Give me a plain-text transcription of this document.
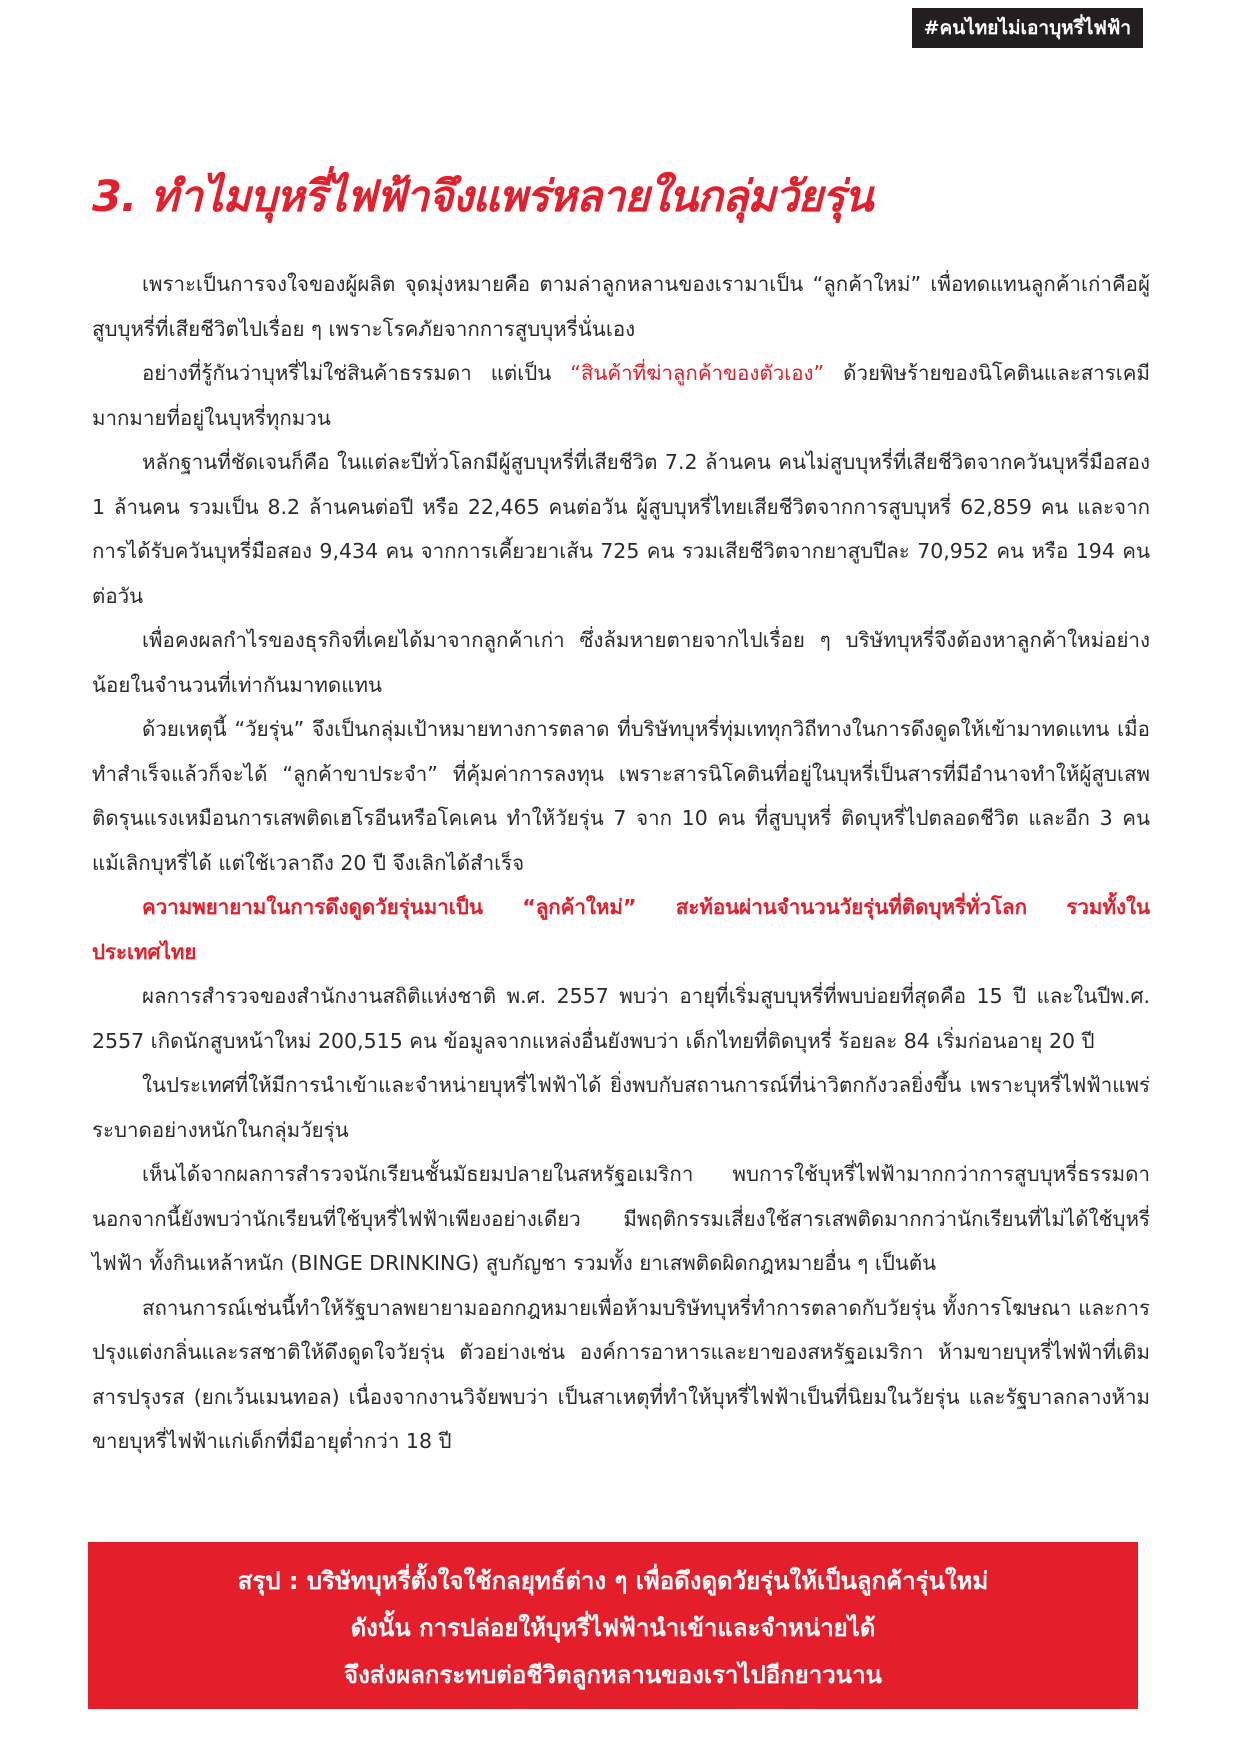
#คนไทยไม่เอาบุหรี่ไฟฟ้า
3. ทำไมบุหรี่ไฟฟ้าจึงแพร่หลายในกลุ่มวัยรุ่น

เพราะเป็นการจงใจของผู้ผลิต จุดมุ่งหมายคือ ตามล่าลูกหลานของเรามาเป็น “ลูกค้าใหม่” เพื่อทดแทนลูกค้าเก่าคือผู้สูบบุหรี่ที่เสียชีวิตไปเรื่อย ๆ เพราะโรคภัยจากการสูบบุหรี่นั่นเอง

อย่างที่รู้กันว่าบุหรี่ไม่ใช่สินค้าธรรมดา แต่เป็น “สินค้าที่ฆ่าลูกค้าของตัวเอง” ด้วยพิษร้ายของนิโคตินและสารเคมีมากมายที่อยู่ในบุหรี่ทุกมวน

หลักฐานที่ชัดเจนก็คือ ในแต่ละปีทั่วโลกมีผู้สูบบุหรี่ที่เสียชีวิต 7.2 ล้านคน คนไม่สูบบุหรี่ที่เสียชีวิตจากควันบุหรี่มือสอง 1 ล้านคน รวมเป็น 8.2 ล้านคนต่อปี หรือ 22,465 คนต่อวัน ผู้สูบบุหรี่ไทยเสียชีวิตจากการสูบบุหรี่ 62,859 คน และจากการได้รับควันบุหรี่มือสอง 9,434 คน จากการเคี้ยวยาเส้น 725 คน รวมเสียชีวิตจากยาสูบปีละ 70,952 คน หรือ 194 คนต่อวัน

เพื่อคงผลกำไรของธุรกิจที่เคยได้มาจากลูกค้าเก่า ซึ่งล้มหายตายจากไปเรื่อย ๆ บริษัทบุหรี่จึงต้องหาลูกค้าใหม่อย่างน้อยในจำนวนที่เท่ากันมาทดแทน

ด้วยเหตุนี้ “วัยรุ่น” จึงเป็นกลุ่มเป้าหมายทางการตลาด ที่บริษัทบุหรี่ทุ่มเททุกวิถีทางในการดึงดูดให้เข้ามาทดแทน เมื่อทำสำเร็จแล้วก็จะได้ “ลูกค้าขาประจำ” ที่คุ้มค่าการลงทุน เพราะสารนิโคตินที่อยู่ในบุหรี่เป็นสารที่มีอำนาจทำให้ผู้สูบเสพติดรุนแรงเหมือนการเสพติดเฮโรอีนหรือโคเคน ทำให้วัยรุ่น 7 จาก 10 คน ที่สูบบุหรี่ ติดบุหรี่ไปตลอดชีวิต และอีก 3 คน แม้เลิกบุหรี่ได้ แต่ใช้เวลาถึง 20 ปี จึงเลิกได้สำเร็จ

ความพยายามในการดึงดูดวัยรุ่นมาเป็น “ลูกค้าใหม่” สะท้อนผ่านจำนวนวัยรุ่นที่ติดบุหรี่ทั่วโลก รวมทั้งในประเทศไทย

ผลการสำรวจของสำนักงานสถิติแห่งชาติ พ.ศ. 2557 พบว่า อายุที่เริ่มสูบบุหรี่ที่พบบ่อยที่สุดคือ 15 ปี และในปีพ.ศ. 2557 เกิดนักสูบหน้าใหม่ 200,515 คน ข้อมูลจากแหล่งอื่นยังพบว่า เด็กไทยที่ติดบุหรี่ ร้อยละ 84 เริ่มก่อนอายุ 20 ปี

ในประเทศที่ให้มีการนำเข้าและจำหน่ายบุหรี่ไฟฟ้าได้ ยิ่งพบกับสถานการณ์ที่น่าวิตกกังวลยิ่งขึ้น เพราะบุหรี่ไฟฟ้าแพร่ระบาดอย่างหนักในกลุ่มวัยรุ่น

เห็นได้จากผลการสำรวจนักเรียนชั้นมัธยมปลายในสหรัฐอเมริกา พบการใช้บุหรี่ไฟฟ้ามากกว่าการสูบบุหรี่ธรรมดา นอกจากนี้ยังพบว่านักเรียนที่ใช้บุหรี่ไฟฟ้าเพียงอย่างเดียว มีพฤติกรรมเสี่ยงใช้สารเสพติดมากกว่านักเรียนที่ไม่ได้ใช้บุหรี่ไฟฟ้า ทั้งกินเหล้าหนัก (BINGE DRINKING) สูบกัญชา รวมทั้ง ยาเสพติดผิดกฎหมายอื่น ๆ เป็นต้น

สถานการณ์เช่นนี้ทำให้รัฐบาลพยายามออกกฎหมายเพื่อห้ามบริษัทบุหรี่ทำการตลาดกับวัยรุ่น ทั้งการโฆษณา และการปรุงแต่งกลิ่นและรสชาติให้ดึงดูดใจวัยรุ่น ตัวอย่างเช่น องค์การอาหารและยาของสหรัฐอเมริกา ห้ามขายบุหรี่ไฟฟ้าที่เติมสารปรุงรส (ยกเว้นเมนทอล) เนื่องจากงานวิจัยพบว่า เป็นสาเหตุที่ทำให้บุหรี่ไฟฟ้าเป็นที่นิยมในวัยรุ่น และรัฐบาลกลางห้ามขายบุหรี่ไฟฟ้าแก่เด็กที่มีอายุต่ำกว่า 18 ปี

สรุป : บริษัทบุหรี่ตั้งใจใช้กลยุทธ์ต่าง ๆ เพื่อดึงดูดวัยรุ่นให้เป็นลูกค้ารุ่นใหม่
ดังนั้น การปล่อยให้บุหรี่ไฟฟ้านำเข้าและจำหน่ายได้
จึงส่งผลกระทบต่อชีวิตลูกหลานของเราไปอีกยาวนาน
